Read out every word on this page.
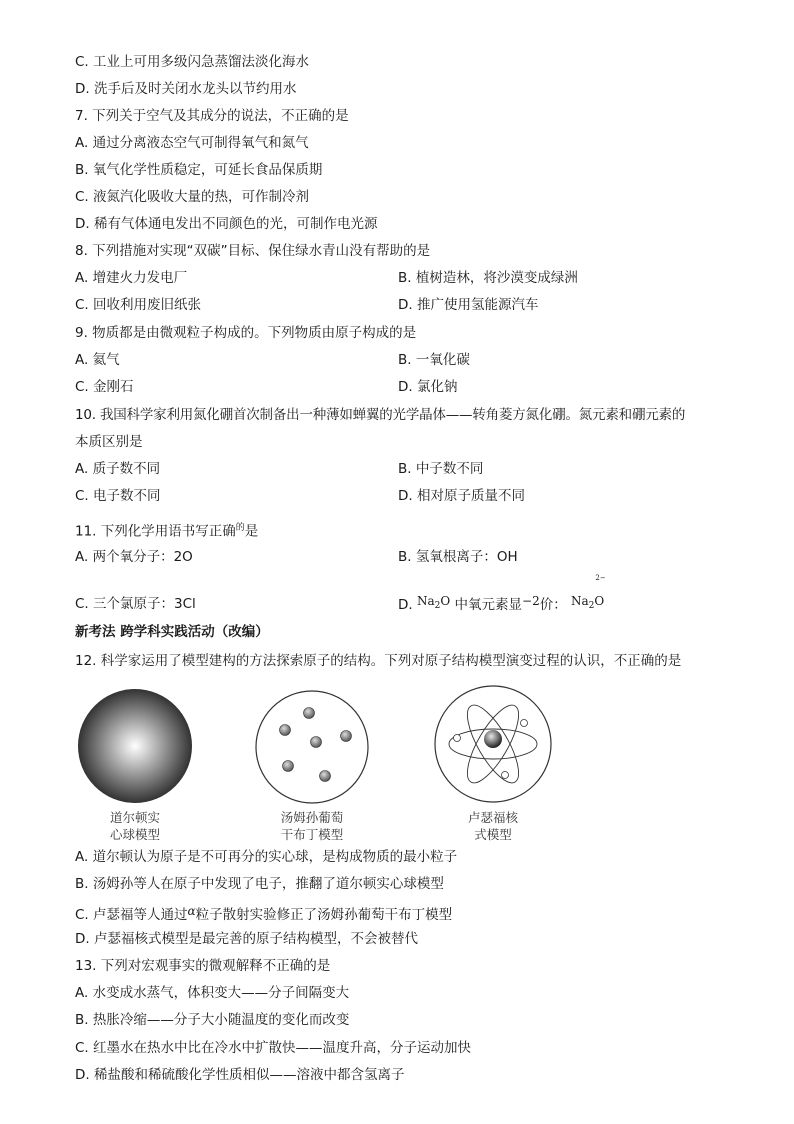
C. 工业上可用多级闪急蒸馏法淡化海水
D. 洗手后及时关闭水龙头以节约用水
7. 下列关于空气及其成分的说法，不正确的是
A. 通过分离液态空气可制得氧气和氮气
B. 氧气化学性质稳定，可延长食品保质期
C. 液氮汽化吸收大量的热，可作制冷剂
D. 稀有气体通电发出不同颜色的光，可制作电光源
8. 下列措施对实现“双碳”目标、保住绿水青山没有帮助的是
A. 增建火力发电厂	B. 植树造林，将沙漠变成绿洲
C. 回收利用废旧纸张	D. 推广使用氢能源汽车
9. 物质都是由微观粒子构成的。下列物质由原子构成的是
A. 氦气	B. 一氧化碳
C. 金刚石	D. 氯化钠
10. 我国科学家利用氮化硼首次制备出一种薄如蝉翼的光学晶体——转角菱方氮化硼。氮元素和硼元素的
本质区别是
A. 质子数不同	B. 中子数不同
C. 电子数不同	D. 相对原子质量不同
11. 下列化学用语书写正确$^的$是
A. 两个氧分子：2O	B. 氢氧根离子：OH
C. 三个氯原子：3Cl	D. $Na_2O$ 中氧元素显−2价： $Na_2$
2−
O
新考法 跨学科实践活动（改编）
12. 科学家运用了模型建构的方法探索原子的结构。下列对原子结构模型演变过程的认识，不正确的是
道尔顿实
心球模型
汤姆孙葡萄
干布丁模型
卢瑟福核
式模型
A. 道尔顿认为原子是不可再分的实心球，是构成物质的最小粒子
B. 汤姆孙等人在原子中发现了电子，推翻了道尔顿实心球模型
C. 卢瑟福等人通过α粒子散射实验修正了汤姆孙葡萄干布丁模型
D. 卢瑟福核式模型是最完善的原子结构模型，不会被替代
13. 下列对宏观事实的微观解释不正确的是
A. 水变成水蒸气，体积变大——分子间隔变大
B. 热胀冷缩——分子大小随温度的变化而改变
C. 红墨水在热水中比在冷水中扩散快——温度升高，分子运动加快
D. 稀盐酸和稀硫酸化学性质相似——溶液中都含氢离子
